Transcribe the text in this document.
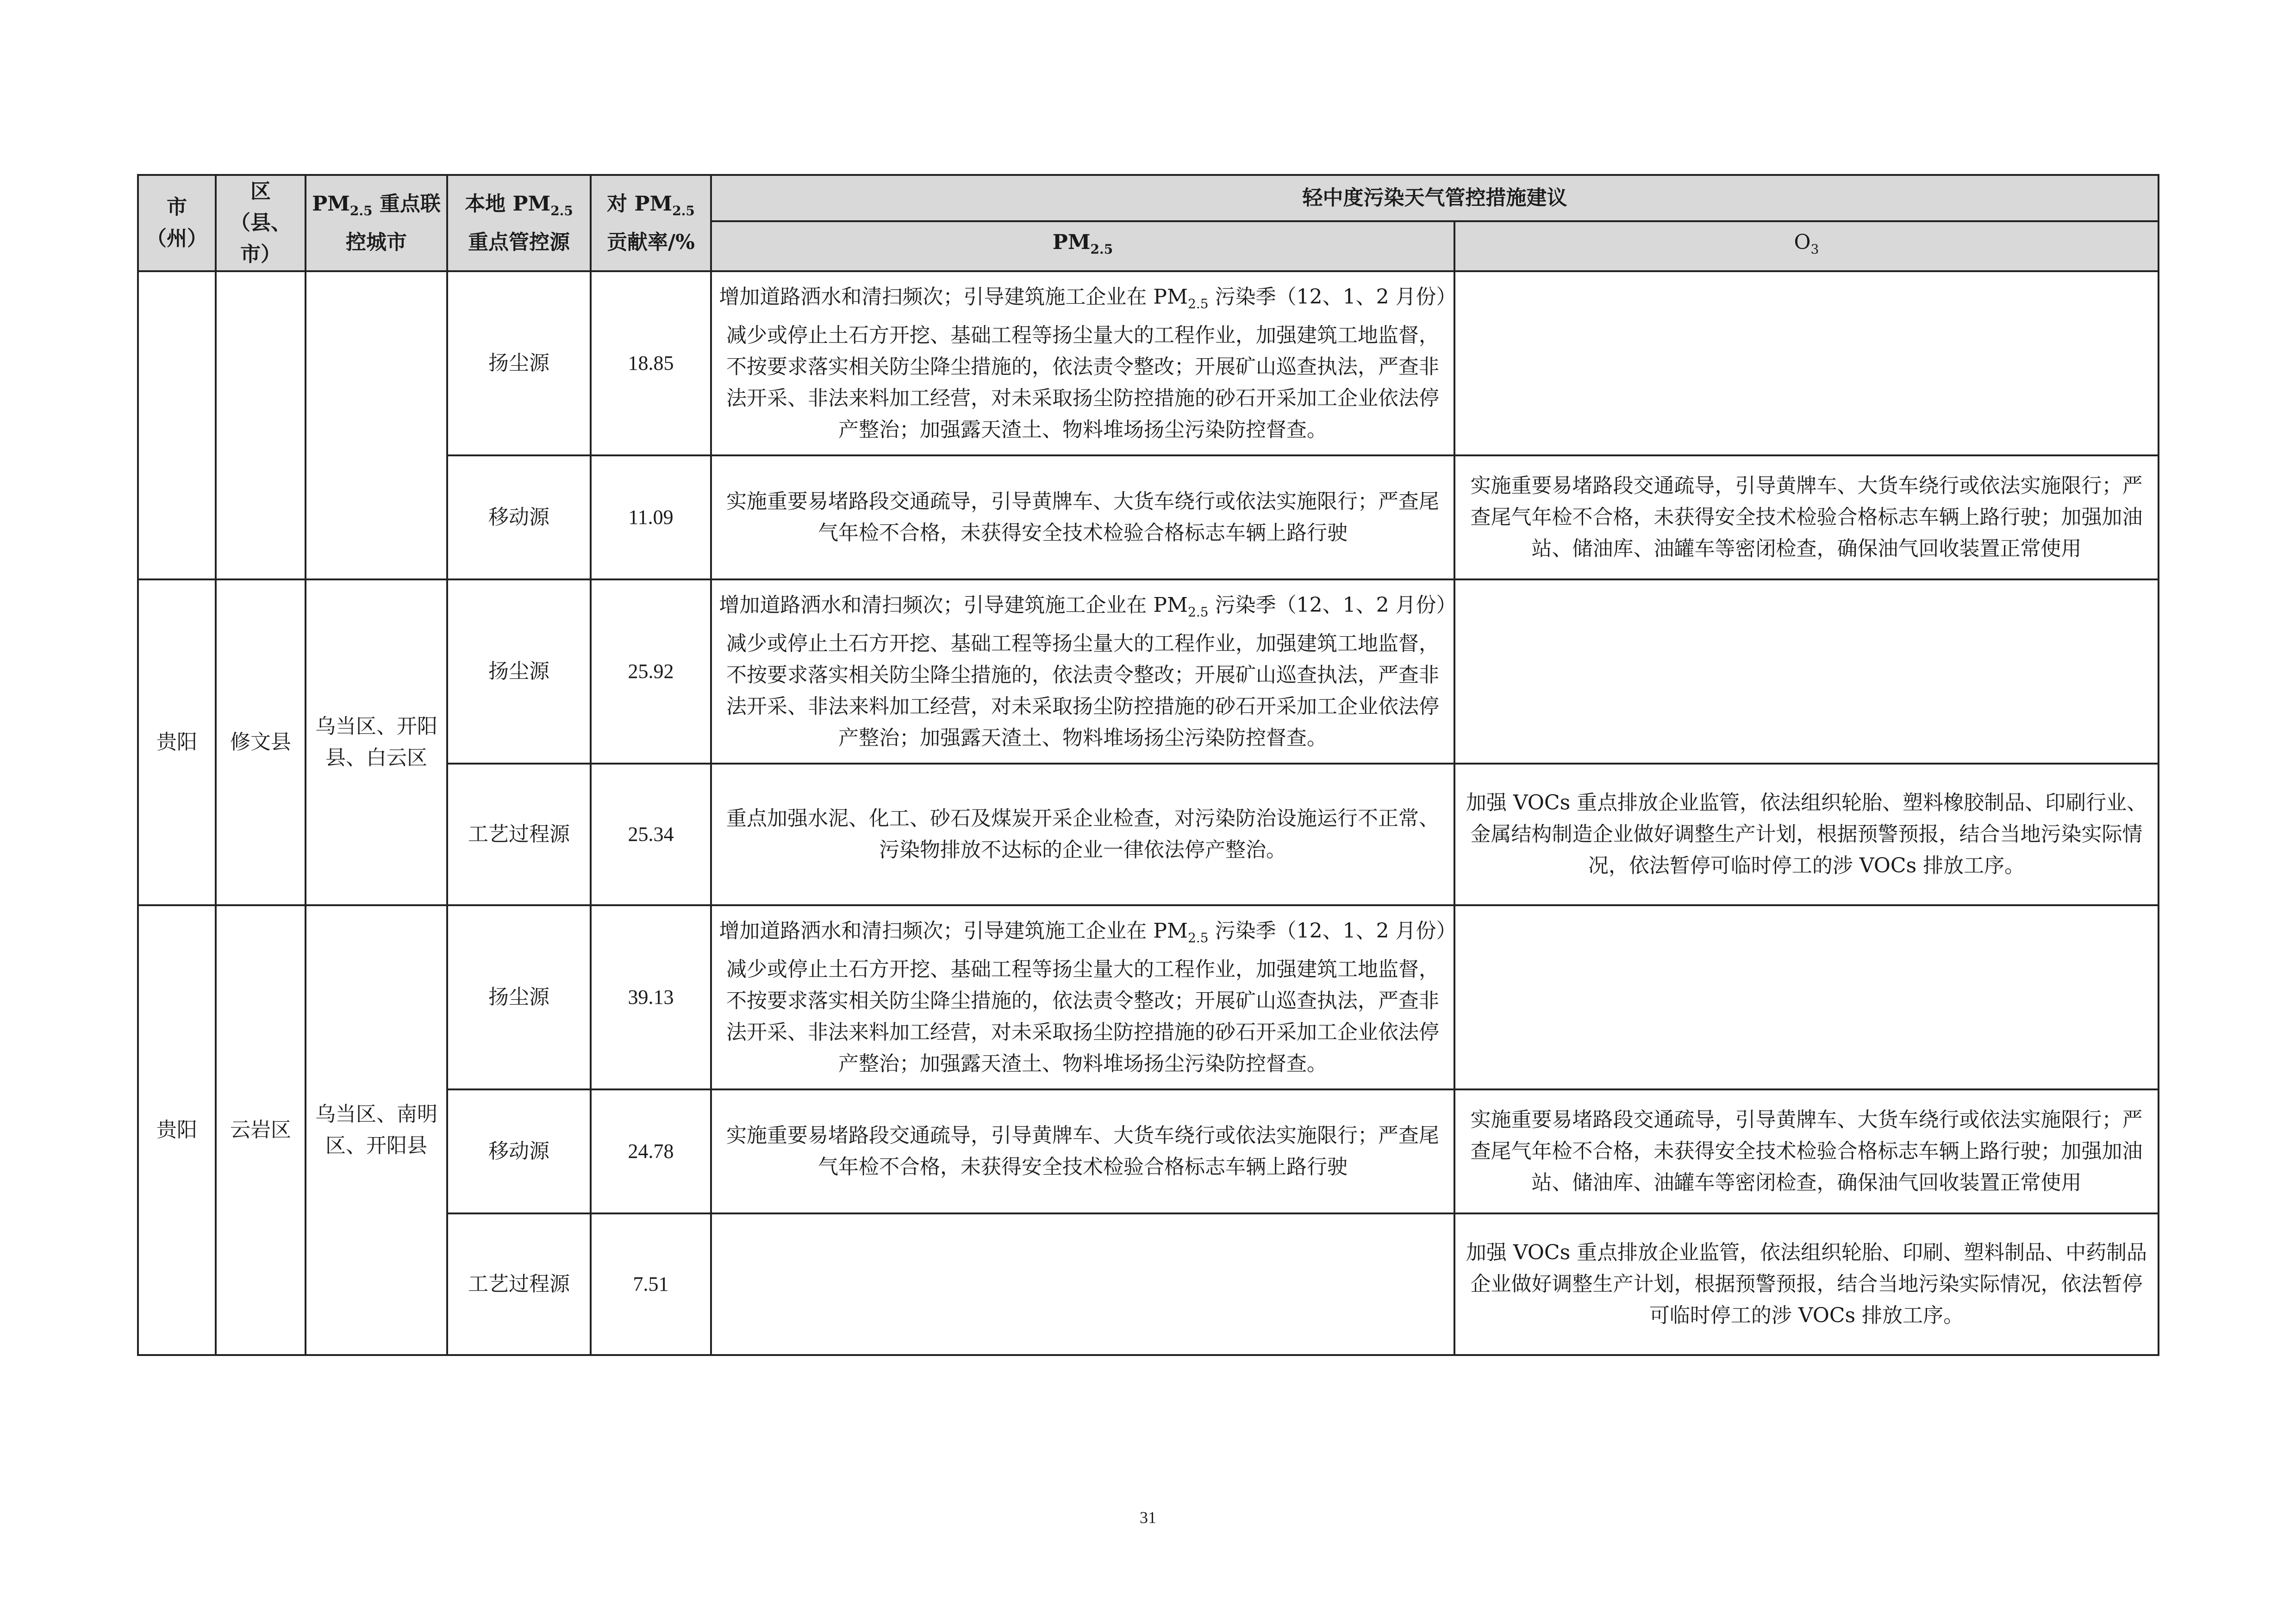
市（州）	区（县、市）	$PM_{2.5}$ 重点联控城市	本地 $PM_{2.5}$ 重点管控源	对 $PM_{2.5}$ 贡献率/%	轻中度污染天气管控措施建议	
					$PM_{2.5}$	$O_3$
			扬尘源	18.85	增加道路洒水和清扫频次；引导建筑施工企业在 $PM_{2.5}$ 污染季（12、1、2 月份）减少或停止土石方开挖、基础工程等扬尘量大的工程作业，加强建筑工地监督，不按要求落实相关防尘降尘措施的，依法责令整改；开展矿山巡查执法，严查非法开采、非法来料加工经营，对未采取扬尘防控措施的砂石开采加工企业依法停产整治；加强露天渣土、物料堆场扬尘污染防控督查。	
			移动源	11.09	实施重要易堵路段交通疏导，引导黄牌车、大货车绕行或依法实施限行；严查尾气年检不合格，未获得安全技术检验合格标志车辆上路行驶	实施重要易堵路段交通疏导，引导黄牌车、大货车绕行或依法实施限行；严查尾气年检不合格，未获得安全技术检验合格标志车辆上路行驶；加强加油站、储油库、油罐车等密闭检查，确保油气回收装置正常使用
贵阳	修文县	乌当区、开阳县、白云区	扬尘源	25.92	增加道路洒水和清扫频次；引导建筑施工企业在 $PM_{2.5}$ 污染季（12、1、2 月份）减少或停止土石方开挖、基础工程等扬尘量大的工程作业，加强建筑工地监督，不按要求落实相关防尘降尘措施的，依法责令整改；开展矿山巡查执法，严查非法开采、非法来料加工经营，对未采取扬尘防控措施的砂石开采加工企业依法停产整治；加强露天渣土、物料堆场扬尘污染防控督查。	
			工艺过程源	25.34	重点加强水泥、化工、砂石及煤炭开采企业检查，对污染防治设施运行不正常、污染物排放不达标的企业一律依法停产整治。	加强 VOCs 重点排放企业监管，依法组织轮胎、塑料橡胶制品、印刷行业、金属结构制造企业做好调整生产计划，根据预警预报，结合当地污染实际情况，依法暂停可临时停工的涉 VOCs 排放工序。
贵阳	云岩区	乌当区、南明区、开阳县	扬尘源	39.13	增加道路洒水和清扫频次；引导建筑施工企业在 $PM_{2.5}$ 污染季（12、1、2 月份）减少或停止土石方开挖、基础工程等扬尘量大的工程作业，加强建筑工地监督，不按要求落实相关防尘降尘措施的，依法责令整改；开展矿山巡查执法，严查非法开采、非法来料加工经营，对未采取扬尘防控措施的砂石开采加工企业依法停产整治；加强露天渣土、物料堆场扬尘污染防控督查。	
			移动源	24.78	实施重要易堵路段交通疏导，引导黄牌车、大货车绕行或依法实施限行；严查尾气年检不合格，未获得安全技术检验合格标志车辆上路行驶	实施重要易堵路段交通疏导，引导黄牌车、大货车绕行或依法实施限行；严查尾气年检不合格，未获得安全技术检验合格标志车辆上路行驶；加强加油站、储油库、油罐车等密闭检查，确保油气回收装置正常使用
			工艺过程源	7.51		加强 VOCs 重点排放企业监管，依法组织轮胎、印刷、塑料制品、中药制品企业做好调整生产计划，根据预警预报，结合当地污染实际情况，依法暂停可临时停工的涉 VOCs 排放工序。
31
